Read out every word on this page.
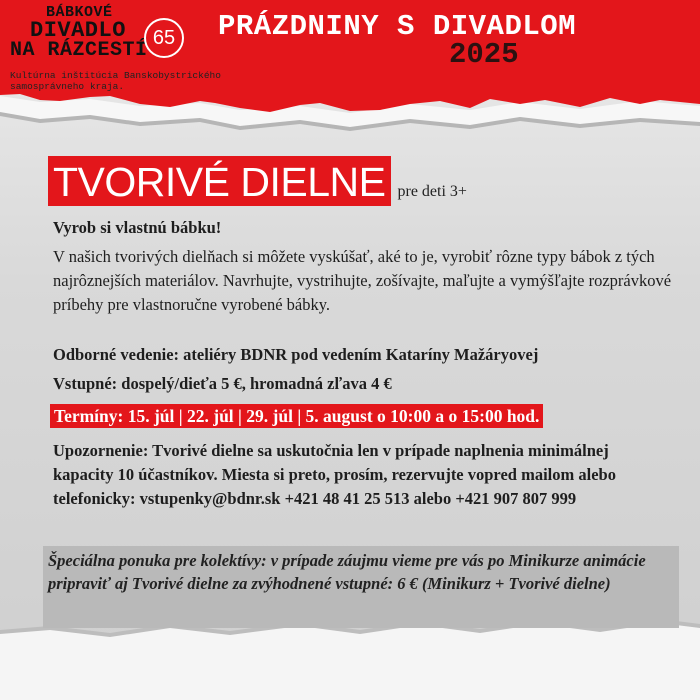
BÁBKOVÉ
DIVADLO
NA RÁZCESTÍ
65
Kultúrna inštitúcia Banskobystrického
samosprávneho kraja.
PRÁZDNINY S DIVADLOM
2025
TVORIVÉ DIELNE pre deti 3+
Vyrob si vlastnú bábku!
V našich tvorivých dielňach si môžete vyskúšať, aké to je, vyrobiť rôzne typy bábok z tých najrôznejších materiálov. Navrhujte, vystrihujte, zošívajte, maľujte a vymýšľajte rozprávkové príbehy pre vlastnoručne vyrobené bábky.
Odborné vedenie: ateliéry BDNR pod vedením Kataríny Mažáryovej
Vstupné: dospelý/dieťa 5 €, hromadná zľava 4 €
Termíny: 15. júl | 22. júl | 29. júl | 5. august o 10:00 a o 15:00 hod.
Upozornenie: Tvorivé dielne sa uskutočnia len v prípade naplnenia minimálnej kapacity 10 účastníkov. Miesta si preto, prosím, rezervujte vopred mailom alebo telefonicky: vstupenky@bdnr.sk +421 48 41 25 513 alebo +421 907 807 999
Špeciálna ponuka pre kolektívy: v prípade záujmu vieme pre vás po Minikurze animácie pripraviť aj Tvorivé dielne za zvýhodnené vstupné: 6 € (Minikurz + Tvorivé dielne)
